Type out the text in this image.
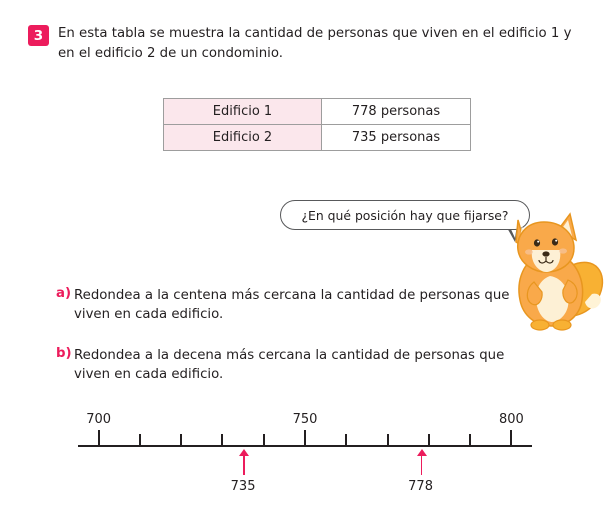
3	En esta tabla se muestra la cantidad de personas que viven en el edificio 1 y en el edificio 2 de un condominio.
Edificio 1	778 personas
Edificio 2	735 personas
¿En qué posición hay que fijarse?
a) Redondea a la centena más cercana la cantidad de personas que viven en cada edificio.
b) Redondea a la decena más cercana la cantidad de personas que viven en cada edificio.
700	750	800
735	778
